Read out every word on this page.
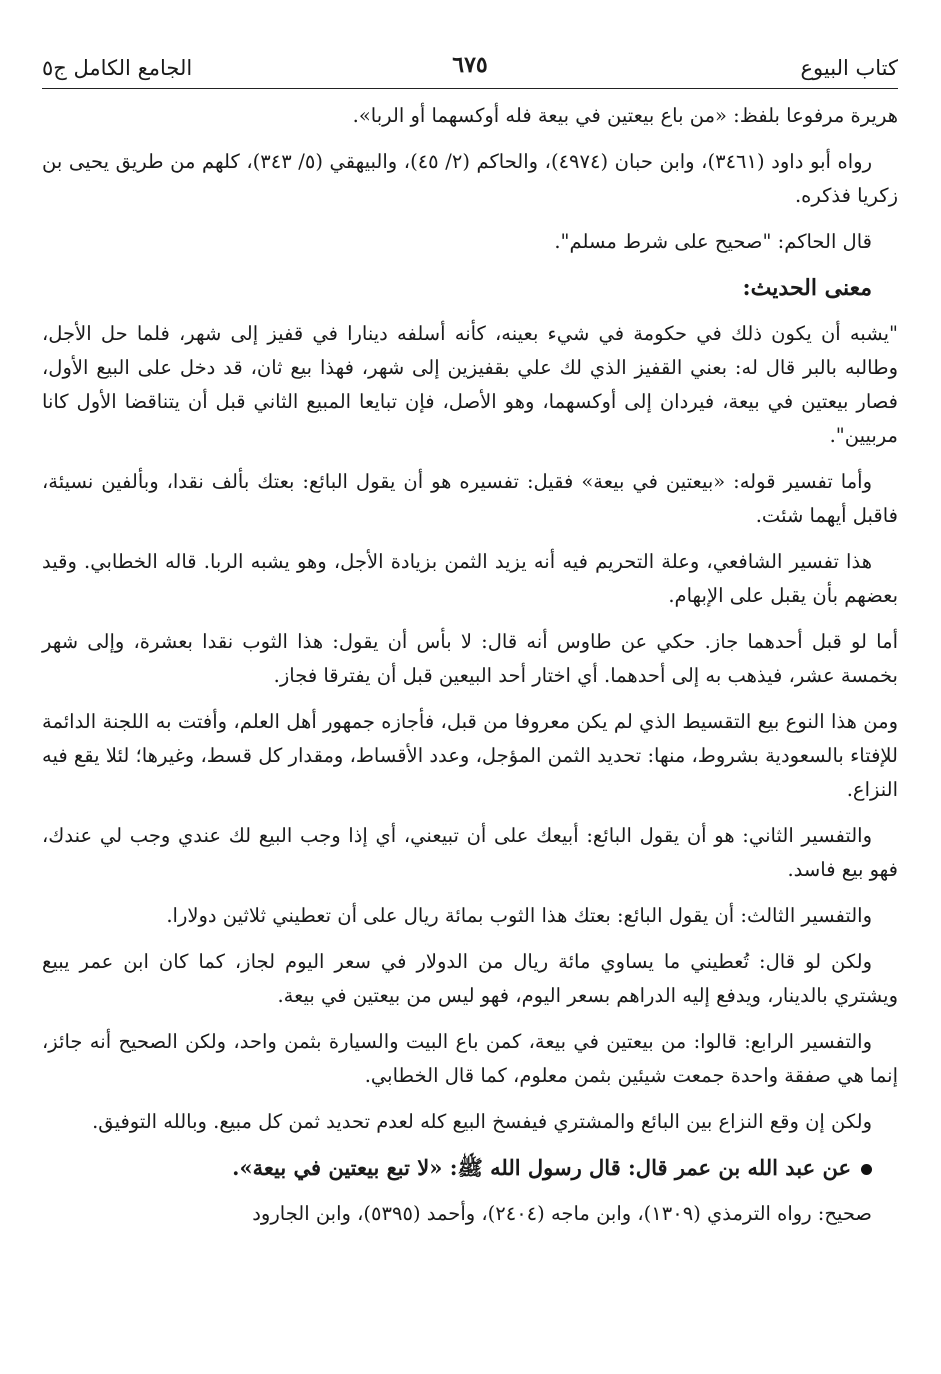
كتاب البيوع
٦٧٥
الجامع الكامل ج٥

هريرة مرفوعا بلفظ: «من باع بيعتين في بيعة فله أوكسهما أو الربا».

رواه أبو داود (٣٤٦١)، وابن حبان (٤٩٧٤)، والحاكم (٢/ ٤٥)، والبيهقي (٥/ ٣٤٣)، كلهم من طريق يحيى بن زكريا فذكره.

قال الحاكم: "صحيح على شرط مسلم".

معنى الحديث:

"يشبه أن يكون ذلك في حكومة في شيء بعينه، كأنه أسلفه دينارا في قفيز إلى شهر، فلما حل الأجل، وطالبه بالبر قال له: بعني القفيز الذي لك علي بقفيزين إلى شهر، فهذا بيع ثان، قد دخل على البيع الأول، فصار بيعتين في بيعة، فيردان إلى أوكسهما، وهو الأصل، فإن تبايعا المبيع الثاني قبل أن يتناقضا الأول كانا مربيين".

وأما تفسير قوله: «بيعتين في بيعة» فقيل: تفسيره هو أن يقول البائع: بعتك بألف نقدا، وبألفين نسيئة، فاقبل أيهما شئت.

هذا تفسير الشافعي، وعلة التحريم فيه أنه يزيد الثمن بزيادة الأجل، وهو يشبه الربا. قاله الخطابي. وقيد بعضهم بأن يقبل على الإبهام.

أما لو قبل أحدهما جاز. حكي عن طاوس أنه قال: لا بأس أن يقول: هذا الثوب نقدا بعشرة، وإلى شهر بخمسة عشر، فيذهب به إلى أحدهما. أي اختار أحد البيعين قبل أن يفترقا فجاز.

ومن هذا النوع بيع التقسيط الذي لم يكن معروفا من قبل، فأجازه جمهور أهل العلم، وأفتت به اللجنة الدائمة للإفتاء بالسعودية بشروط، منها: تحديد الثمن المؤجل، وعدد الأقساط، ومقدار كل قسط، وغيرها؛ لئلا يقع فيه النزاع.

والتفسير الثاني: هو أن يقول البائع: أبيعك على أن تبيعني، أي إذا وجب البيع لك عندي وجب لي عندك، فهو بيع فاسد.

والتفسير الثالث: أن يقول البائع: بعتك هذا الثوب بمائة ريال على أن تعطيني ثلاثين دولارا.

ولكن لو قال: تُعطيني ما يساوي مائة ريال من الدولار في سعر اليوم لجاز، كما كان ابن عمر يبيع ويشتري بالدينار، ويدفع إليه الدراهم بسعر اليوم، فهو ليس من بيعتين في بيعة.

والتفسير الرابع: قالوا: من بيعتين في بيعة، كمن باع البيت والسيارة بثمن واحد، ولكن الصحيح أنه جائز، إنما هي صفقة واحدة جمعت شيئين بثمن معلوم، كما قال الخطابي.

ولكن إن وقع النزاع بين البائع والمشتري فيفسخ البيع كله لعدم تحديد ثمن كل مبيع. وبالله التوفيق.

عن عبد الله بن عمر قال: قال رسول الله ﷺ: «لا تبع بيعتين في بيعة».

صحيح: رواه الترمذي (١٣٠٩)، وابن ماجه (٢٤٠٤)، وأحمد (٥٣٩٥)، وابن الجارود
